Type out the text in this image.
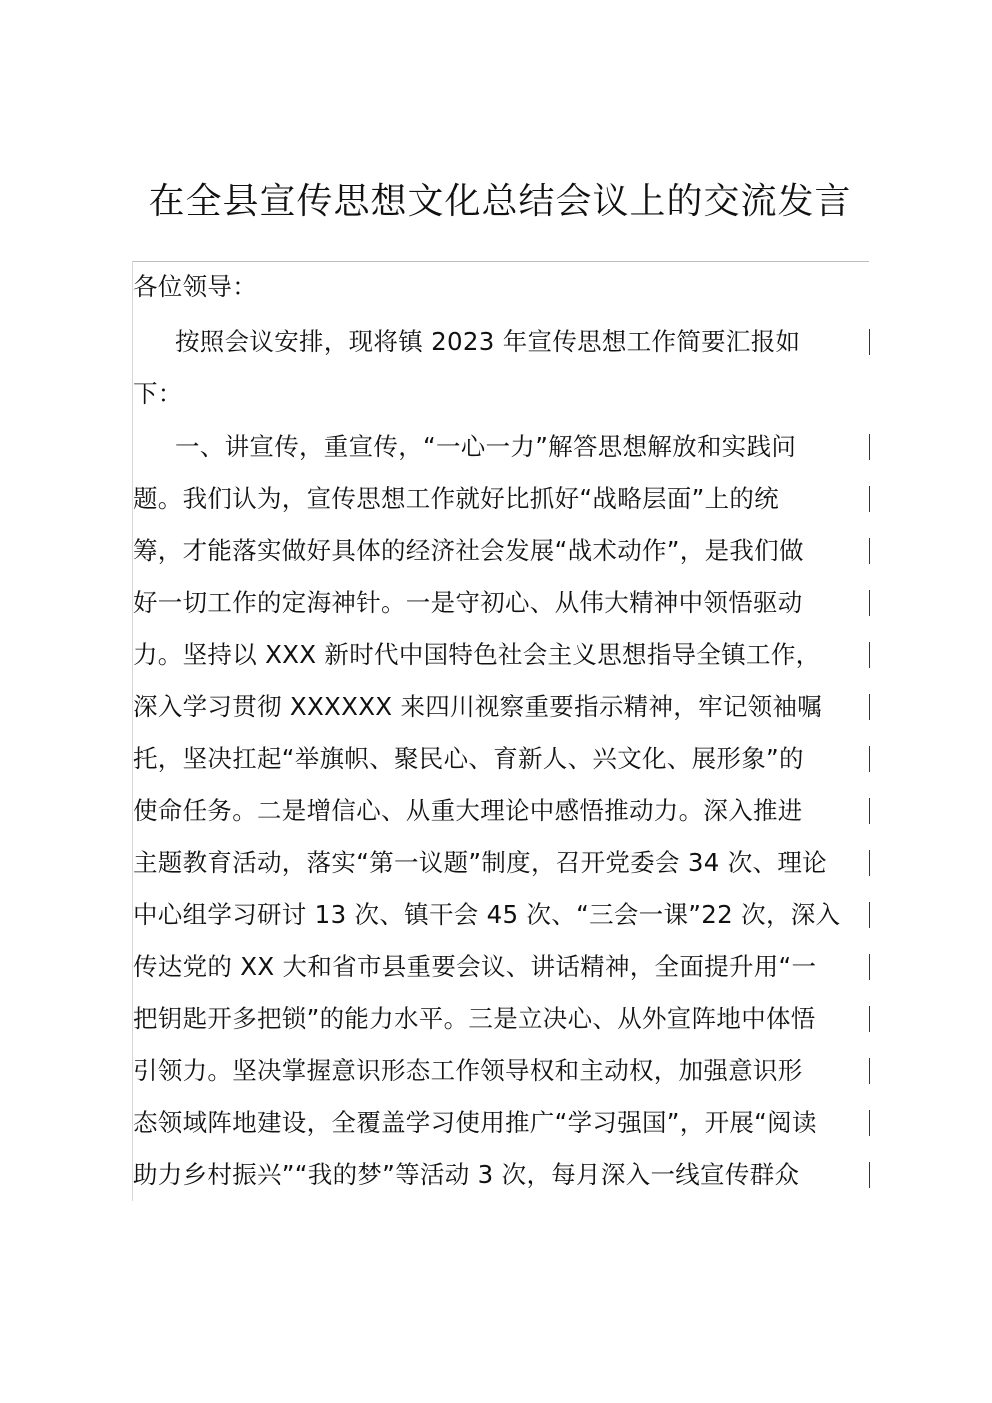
在全县宣传思想文化总结会议上的交流发言
各位领导：
按照会议安排，现将镇 2023 年宣传思想工作简要汇报如
下：
一、讲宣传，重宣传，“一心一力”解答思想解放和实践问
题。我们认为，宣传思想工作就好比抓好“战略层面”上的统
筹，才能落实做好具体的经济社会发展“战术动作”，是我们做
好一切工作的定海神针。一是守初心、从伟大精神中领悟驱动
力。坚持以 XXX 新时代中国特色社会主义思想指导全镇工作，
深入学习贯彻 XXXXXX 来四川视察重要指示精神，牢记领袖嘱
托，坚决扛起“举旗帜、聚民心、育新人、兴文化、展形象”的
使命任务。二是增信心、从重大理论中感悟推动力。深入推进
主题教育活动，落实“第一议题”制度，召开党委会 34 次、理论
中心组学习研讨 13 次、镇干会 45 次、“三会一课”22 次，深入
传达党的 XX 大和省市县重要会议、讲话精神，全面提升用“一
把钥匙开多把锁”的能力水平。三是立决心、从外宣阵地中体悟
引领力。坚决掌握意识形态工作领导权和主动权，加强意识形
态领域阵地建设，全覆盖学习使用推广“学习强国”，开展“阅读
助力乡村振兴”“我的梦”等活动 3 次，每月深入一线宣传群众
